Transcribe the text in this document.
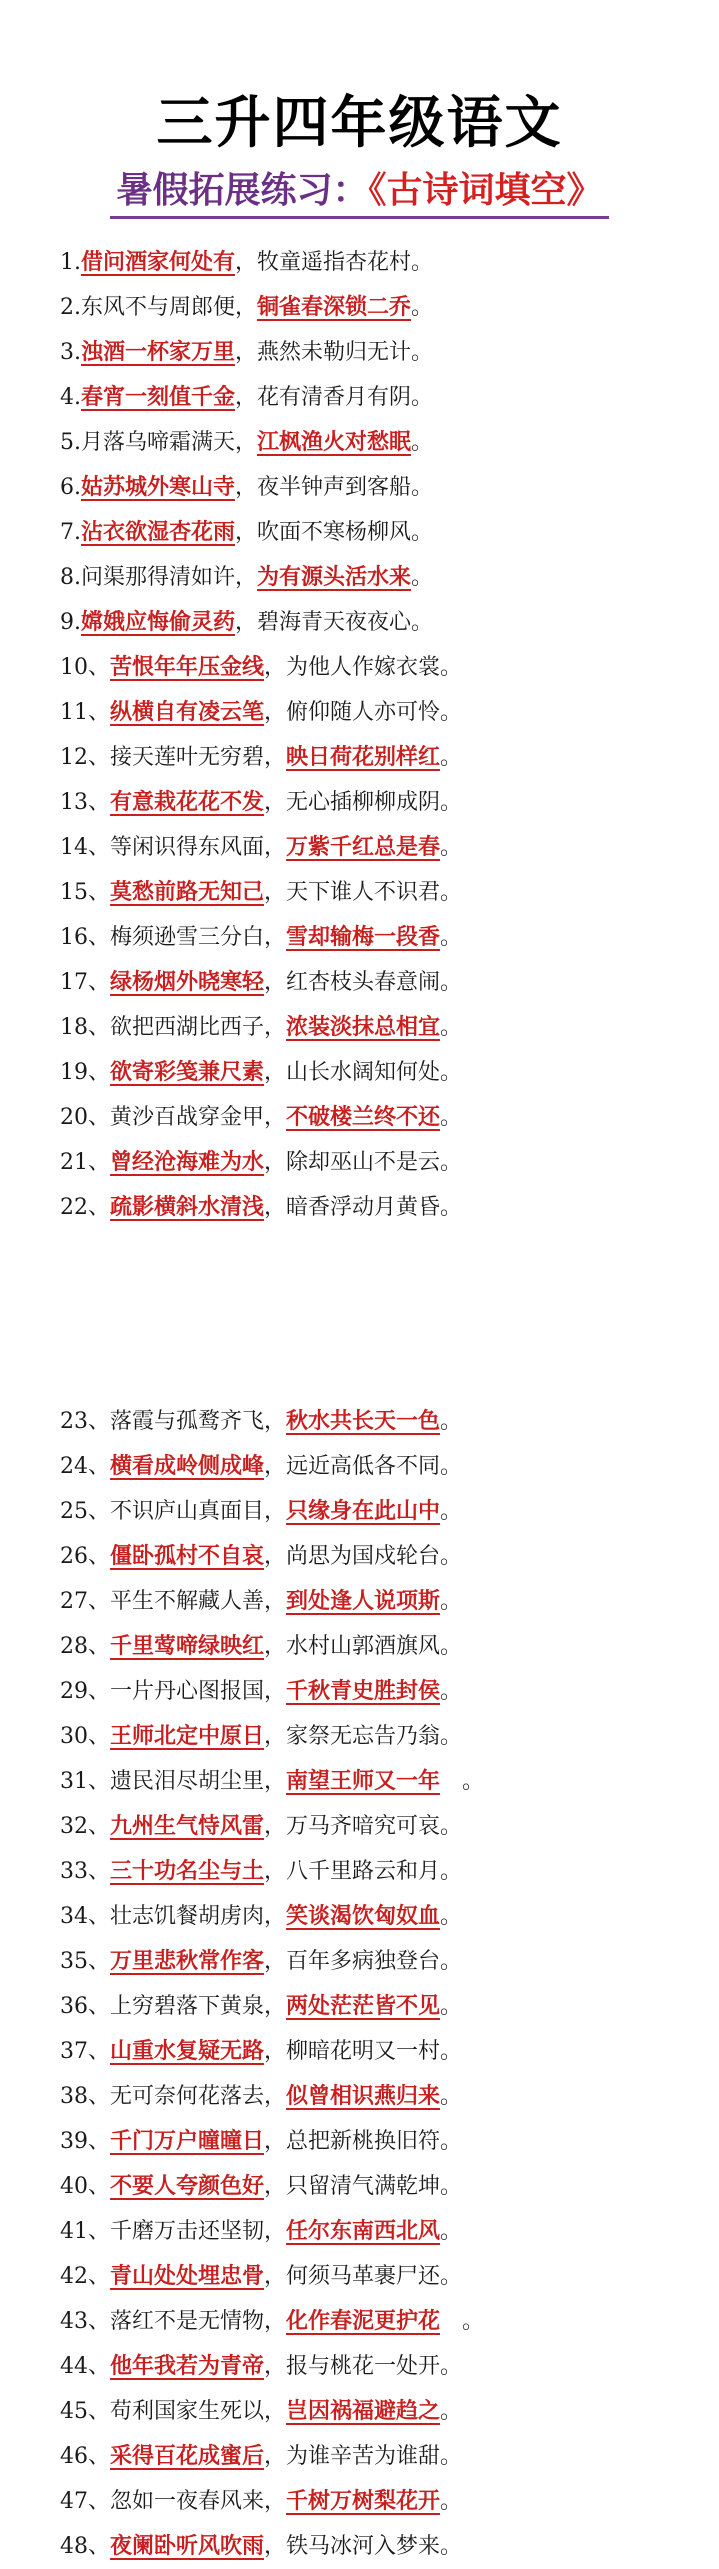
三升四年级语文
暑假拓展练习：《古诗词填空》
1.借问酒家何处有，牧童遥指杏花村。
2.东风不与周郎便，铜雀春深锁二乔。
3.浊酒一杯家万里，燕然未勒归无计。
4.春宵一刻值千金，花有清香月有阴。
5.月落乌啼霜满天，江枫渔火对愁眠。
6.姑苏城外寒山寺，夜半钟声到客船。
7.沾衣欲湿杏花雨，吹面不寒杨柳风。
8.问渠那得清如许，为有源头活水来。
9.嫦娥应悔偷灵药，碧海青天夜夜心。
10、苦恨年年压金线，为他人作嫁衣裳。
11、纵横自有凌云笔，俯仰随人亦可怜。
12、接天莲叶无穷碧，映日荷花别样红。
13、有意栽花花不发，无心插柳柳成阴。
14、等闲识得东风面，万紫千红总是春。
15、莫愁前路无知己，天下谁人不识君。
16、梅须逊雪三分白，雪却输梅一段香。
17、绿杨烟外晓寒轻，红杏枝头春意闹。
18、欲把西湖比西子，浓装淡抹总相宜。
19、欲寄彩笺兼尺素，山长水阔知何处。
20、黄沙百战穿金甲，不破楼兰终不还。
21、曾经沧海难为水，除却巫山不是云。
22、疏影横斜水清浅，暗香浮动月黄昏。
23、落霞与孤鹜齐飞，秋水共长天一色。
24、横看成岭侧成峰，远近高低各不同。
25、不识庐山真面目，只缘身在此山中。
26、僵卧孤村不自哀，尚思为国戍轮台。
27、平生不解藏人善，到处逢人说项斯。
28、千里莺啼绿映红，水村山郭酒旗风。
29、一片丹心图报国，千秋青史胜封侯。
30、王师北定中原日，家祭无忘告乃翁。
31、遗民泪尽胡尘里，南望王师又一年　。
32、九州生气恃风雷，万马齐喑究可哀。
33、三十功名尘与土，八千里路云和月。
34、壮志饥餐胡虏肉，笑谈渴饮匈奴血。
35、万里悲秋常作客，百年多病独登台。
36、上穷碧落下黄泉，两处茫茫皆不见。
37、山重水复疑无路，柳暗花明又一村。
38、无可奈何花落去，似曾相识燕归来。
39、千门万户曈曈日，总把新桃换旧符。
40、不要人夸颜色好，只留清气满乾坤。
41、千磨万击还坚韧，任尔东南西北风。
42、青山处处埋忠骨，何须马革裹尸还。
43、落红不是无情物，化作春泥更护花　。
44、他年我若为青帝，报与桃花一处开。
45、苟利国家生死以，岂因祸福避趋之。
46、采得百花成蜜后，为谁辛苦为谁甜。
47、忽如一夜春风来，千树万树梨花开。
48、夜阑卧听风吹雨，铁马冰河入梦来。
